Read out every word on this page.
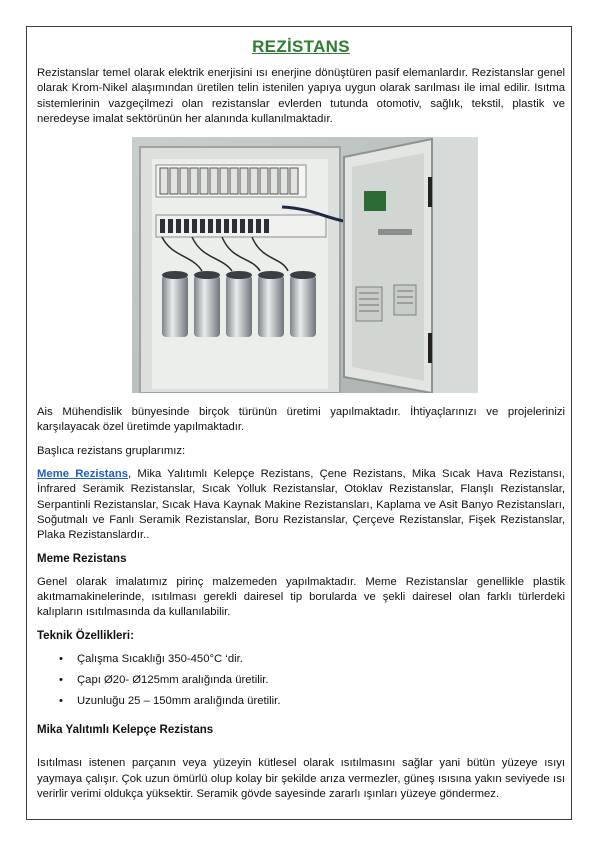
REZİSTANS

Rezistanslar temel olarak elektrik enerjisini ısı enerjine dönüştüren pasif elemanlardır. Rezistanslar genel olarak Krom-Nikel alaşımından üretilen telin istenilen yapıya uygun olarak sarılması ile imal edilir. Isıtma sistemlerinin vazgeçilmezi olan rezistanslar evlerden tutunda otomotiv, sağlık, tekstil, plastik ve neredeyse imalat sektörünün her alanında kullanılmaktadır.

Ais Mühendislik bünyesinde birçok türünün üretimi yapılmaktadır. İhtiyaçlarınızı ve projelerinizi karşılayacak özel üretimde yapılmaktadır.

Başlıca rezistans gruplarımız:

Meme Rezistans, Mika Yalıtımlı Kelepçe Rezistans, Çene Rezistans, Mika Sıcak Hava Rezistansı, İnfrared Seramik Rezistanslar, Sıcak Yolluk Rezistanslar, Otoklav Rezistanslar, Flanşlı Rezistanslar, Serpantinli Rezistanslar, Sıcak Hava Kaynak Makine Rezistansları, Kaplama ve Asit Banyo Rezistansları, Soğutmalı ve Fanlı Seramik Rezistanslar, Boru Rezistanslar, Çerçeve Rezistanslar, Fişek Rezistanslar, Plaka Rezistanslardır..

Meme Rezistans

Genel olarak imalatımız pirinç malzemeden yapılmaktadır. Meme Rezistanslar genellikle plastik akıtmamakinelerinde, ısıtılması gerekli dairesel tip borularda ve şekli dairesel olan farklı türlerdeki kalıpların ısıtılmasında da kullanılabilir.

Teknik Özellikleri:
• Çalışma Sıcaklığı 350-450°C ‘dir.
• Çapı Ø20- Ø125mm aralığında üretilir.
• Uzunluğu 25 – 150mm aralığında üretilir.
Mika Yalıtımlı Kelepçe Rezistans

Isıtılması istenen parçanın veya yüzeyin kütlesel olarak ısıtılmasını sağlar yani bütün yüzeye ısıyı yaymaya çalışır. Çok uzun ömürlü olup kolay bir şekilde arıza vermezler, güneş ısısına yakın seviyede ısı verirlir verimi oldukça yüksektir. Seramik gövde sayesinde zararlı ışınları yüzeye göndermez.
